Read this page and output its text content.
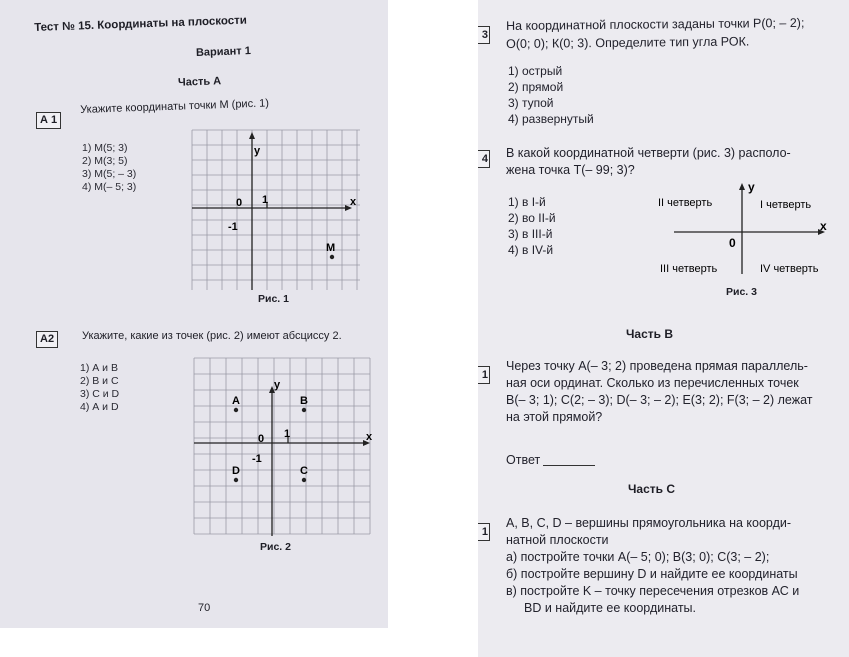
Тест № 15. Координаты на плоскости
Вариант 1
Часть А
А 1
Укажите координаты точки М (рис. 1)
1) М(5; 3)
2) М(3; 5)
3) М(5; – 3)
4) М(– 5; 3)
y
x
0 1
-1
М
Рис. 1
А2	Укажите, какие из точек (рис. 2) имеют абсциссу 2.
1) А и В
2) В и С
3) С и D
4) А и D
y
x
0 1
-1
A	B
D	C
Рис. 2
70
3
На координатной плоскости заданы точки Р(0; – 2);
О(0; 0); К(0; 3). Определите тип угла РОК.
1) острый
2) прямой
3) тупой
4) развернутый
4 В какой координатной четверти (рис. 3) располо-
жена точка Т(– 99; 3)?
1) в I-й
2) во II-й
3) в III-й
4) в IV-й
y
x
0
II четверть	I четверть
III четверть	IV четверть
Рис. 3
Часть В
1
Через точку А(– 3; 2) проведена прямая параллель-
ная оси ординат. Сколько из перечисленных точек
В(– 3; 1); С(2; – 3); D(– 3; – 2); Е(3; 2); F(3; – 2) лежат
на этой прямой?
Ответ
Часть С
1
А, В, С, D – вершины прямоугольника на коорди-
натной плоскости
а) постройте точки А(– 5; 0); В(3; 0); С(3; – 2);
б) постройте вершину D и найдите ее координаты
в) постройте K – точку пересечения отрезков АС и
BD и найдите ее координаты.
